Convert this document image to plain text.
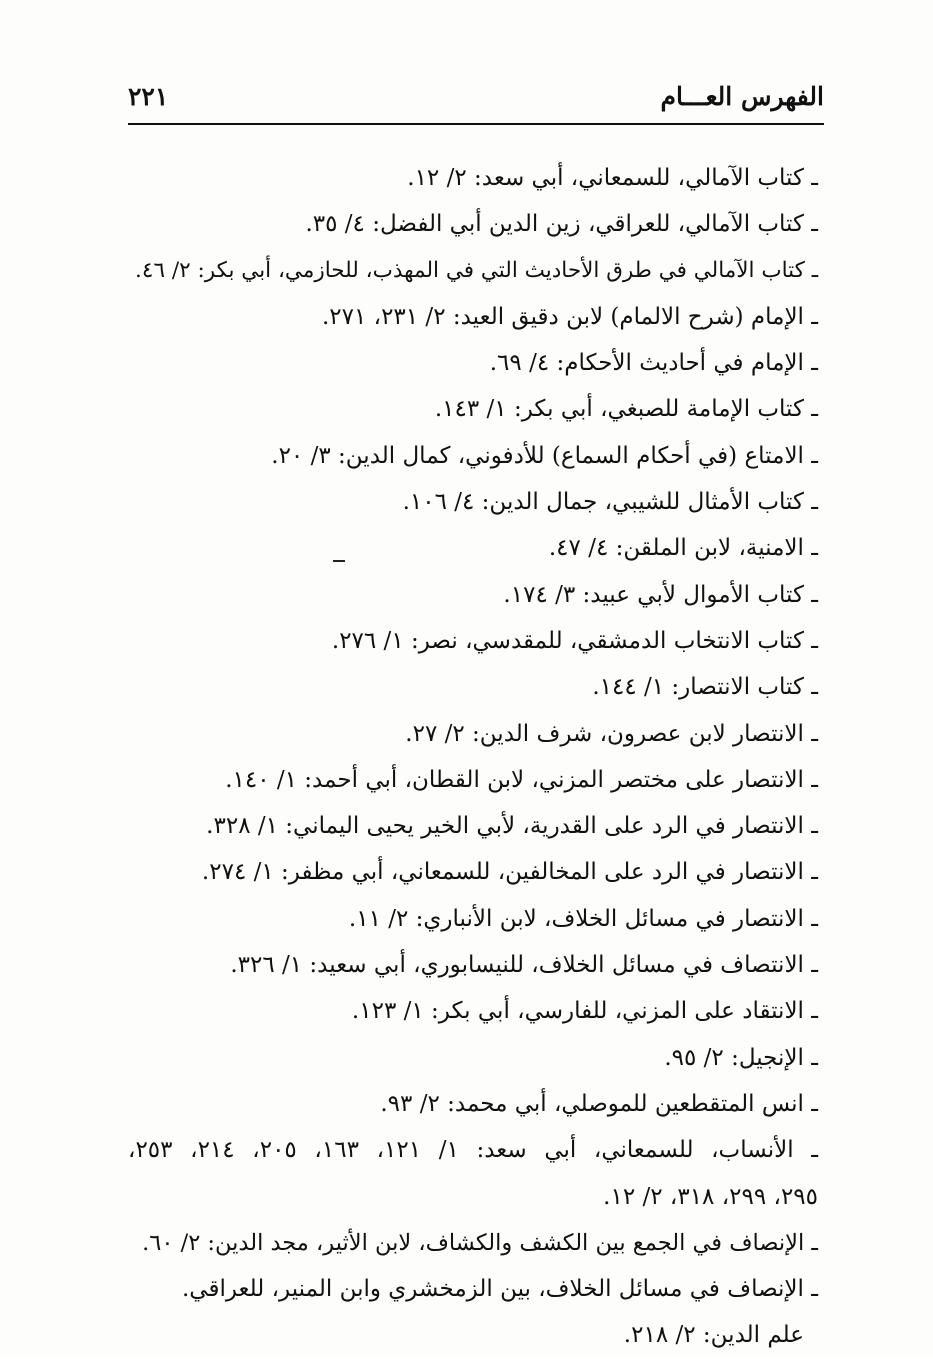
الفهرس العـــام
٢٢١
ـ كتاب الآمالي، للسمعاني، أبي سعد: ٢/ ١٢.
ـ كتاب الآمالي، للعراقي، زين الدين أبي الفضل: ٤/ ٣٥.
ـ كتاب الآمالي في طرق الأحاديث التي في المهذب، للحازمي، أبي بكر: ٢/ ٤٦.
ـ الإمام (شرح الالمام) لابن دقيق العيد: ٢/ ٢٣١، ٢٧١.
ـ الإمام في أحاديث الأحكام: ٤/ ٦٩.
ـ كتاب الإمامة للصبغي، أبي بكر: ١/ ١٤٣.
ـ الامتاع (في أحكام السماع) للأدفوني، كمال الدين: ٣/ ٢٠.
ـ كتاب الأمثال للشيبي، جمال الدين: ٤/ ١٠٦.
ـ الامنية، لابن الملقن: ٤/ ٤٧.
ـ كتاب الأموال لأبي عبيد: ٣/ ١٧٤.
ـ كتاب الانتخاب الدمشقي، للمقدسي، نصر: ١/ ٢٧٦.
ـ كتاب الانتصار: ١/ ١٤٤.
ـ الانتصار لابن عصرون، شرف الدين: ٢/ ٢٧.
ـ الانتصار على مختصر المزني، لابن القطان، أبي أحمد: ١/ ١٤٠.
ـ الانتصار في الرد على القدرية، لأبي الخير يحيى اليماني: ١/ ٣٢٨.
ـ الانتصار في الرد على المخالفين، للسمعاني، أبي مظفر: ١/ ٢٧٤.
ـ الانتصار في مسائل الخلاف، لابن الأنباري: ٢/ ١١.
ـ الانتصاف في مسائل الخلاف، للنيسابوري، أبي سعيد: ١/ ٣٢٦.
ـ الانتقاد على المزني، للفارسي، أبي بكر: ١/ ١٢٣.
ـ الإنجيل: ٢/ ٩٥.
ـ انس المتقطعين للموصلي، أبي محمد: ٢/ ٩٣.
ـ الأنساب، للسمعاني، أبي سعد: ١/ ١٢١، ١٦٣، ٢٠٥، ٢١٤، ٢٥٣،
٢٩٥، ٢٩٩، ٣١٨، ٢/ ١٢.
ـ الإنصاف في الجمع بين الكشف والكشاف، لابن الأثير، مجد الدين: ٢/ ٦٠.
ـ الإنصاف في مسائل الخلاف، بين الزمخشري وابن المنير، للعراقي.
علم الدين: ٢/ ٢١٨.
